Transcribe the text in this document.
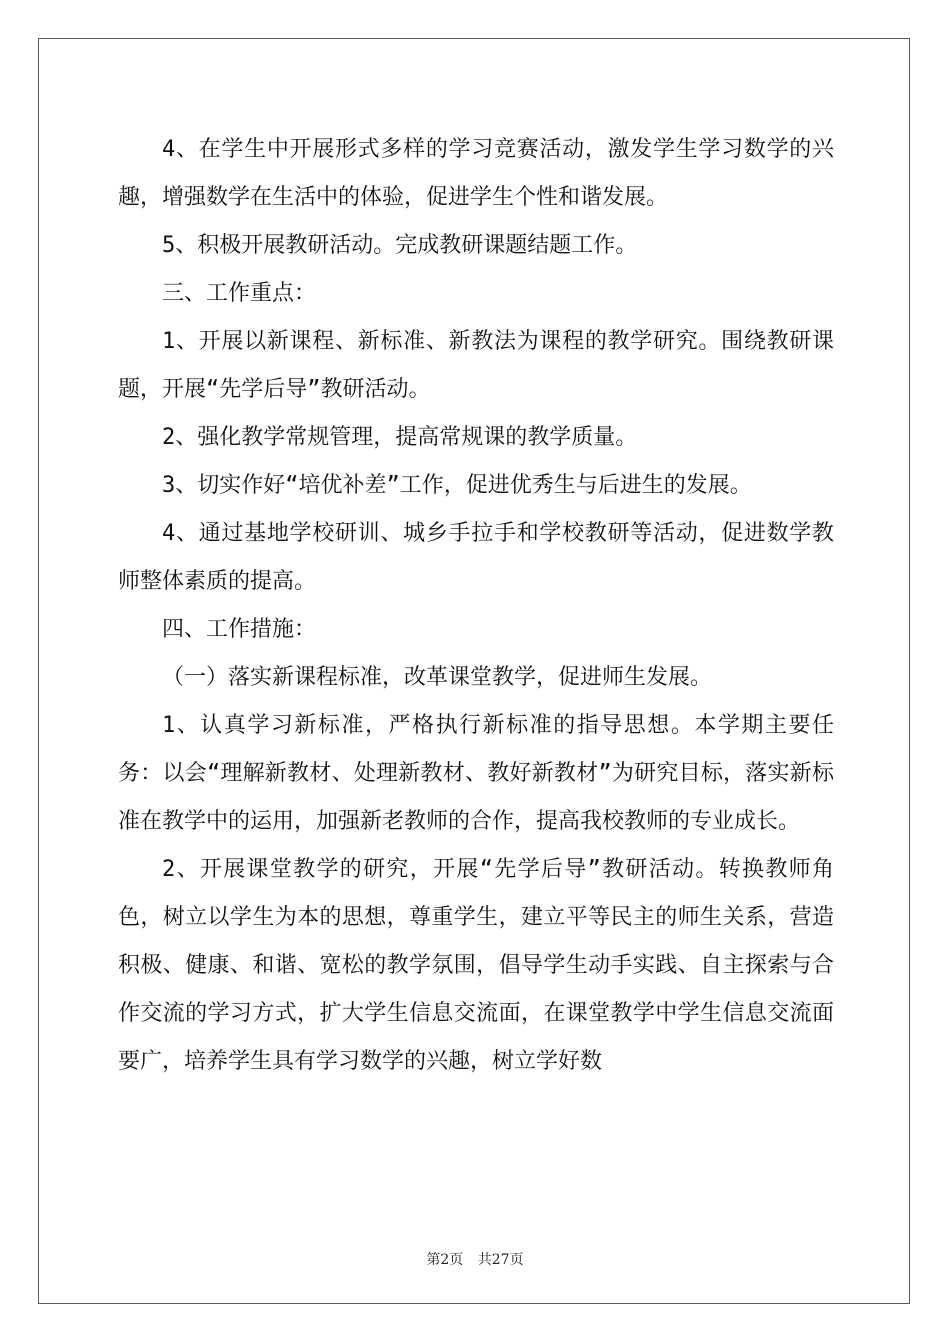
4、在学生中开展形式多样的学习竞赛活动，激发学生学习数学的兴趣，增强数学在生活中的体验，促进学生个性和谐发展。

5、积极开展教研活动。完成教研课题结题工作。

三、工作重点：

1、开展以新课程、新标准、新教法为课程的教学研究。围绕教研课题，开展“先学后导”教研活动。

2、强化教学常规管理，提高常规课的教学质量。

3、切实作好“培优补差”工作，促进优秀生与后进生的发展。

4、通过基地学校研训、城乡手拉手和学校教研等活动，促进数学教师整体素质的提高。

四、工作措施：

（一）落实新课程标准，改革课堂教学，促进师生发展。

1、认真学习新标准，严格执行新标准的指导思想。本学期主要任务：以会“理解新教材、处理新教材、教好新教材”为研究目标，落实新标准在教学中的运用，加强新老教师的合作，提高我校教师的专业成长。

2、开展课堂教学的研究，开展“先学后导”教研活动。转换教师角色，树立以学生为本的思想，尊重学生，建立平等民主的师生关系，营造积极、健康、和谐、宽松的教学氛围，倡导学生动手实践、自主探索与合作交流的学习方式，扩大学生信息交流面，在课堂教学中学生信息交流面要广，培养学生具有学习数学的兴趣，树立学好数

第2页 共27页
